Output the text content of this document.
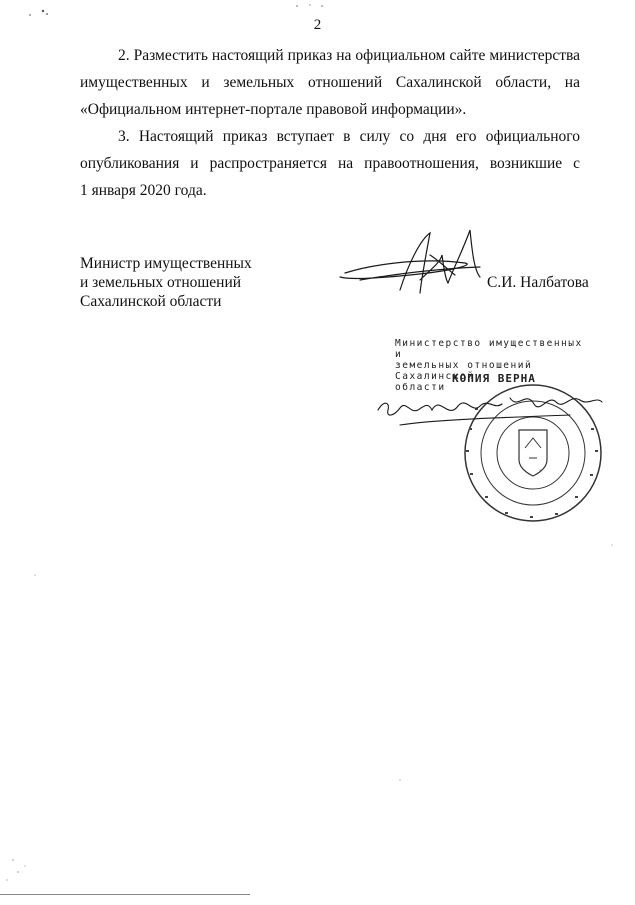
2

2. Разместить настоящий приказ на официальном сайте министерства
имущественных и земельных отношений Сахалинской области, на
«Официальном интернет-портале правовой информации».

3. Настоящий приказ вступает в силу со дня его официального
опубликования и распространяется на правоотношения, возникшие с
1 января 2020 года.

Министр имущественных
и земельных отношений
Сахалинской области
С.И. Налбатова
Министерство имущественных и
земельных отношений Сахалинской
области
КОПИЯ ВЕРНА
